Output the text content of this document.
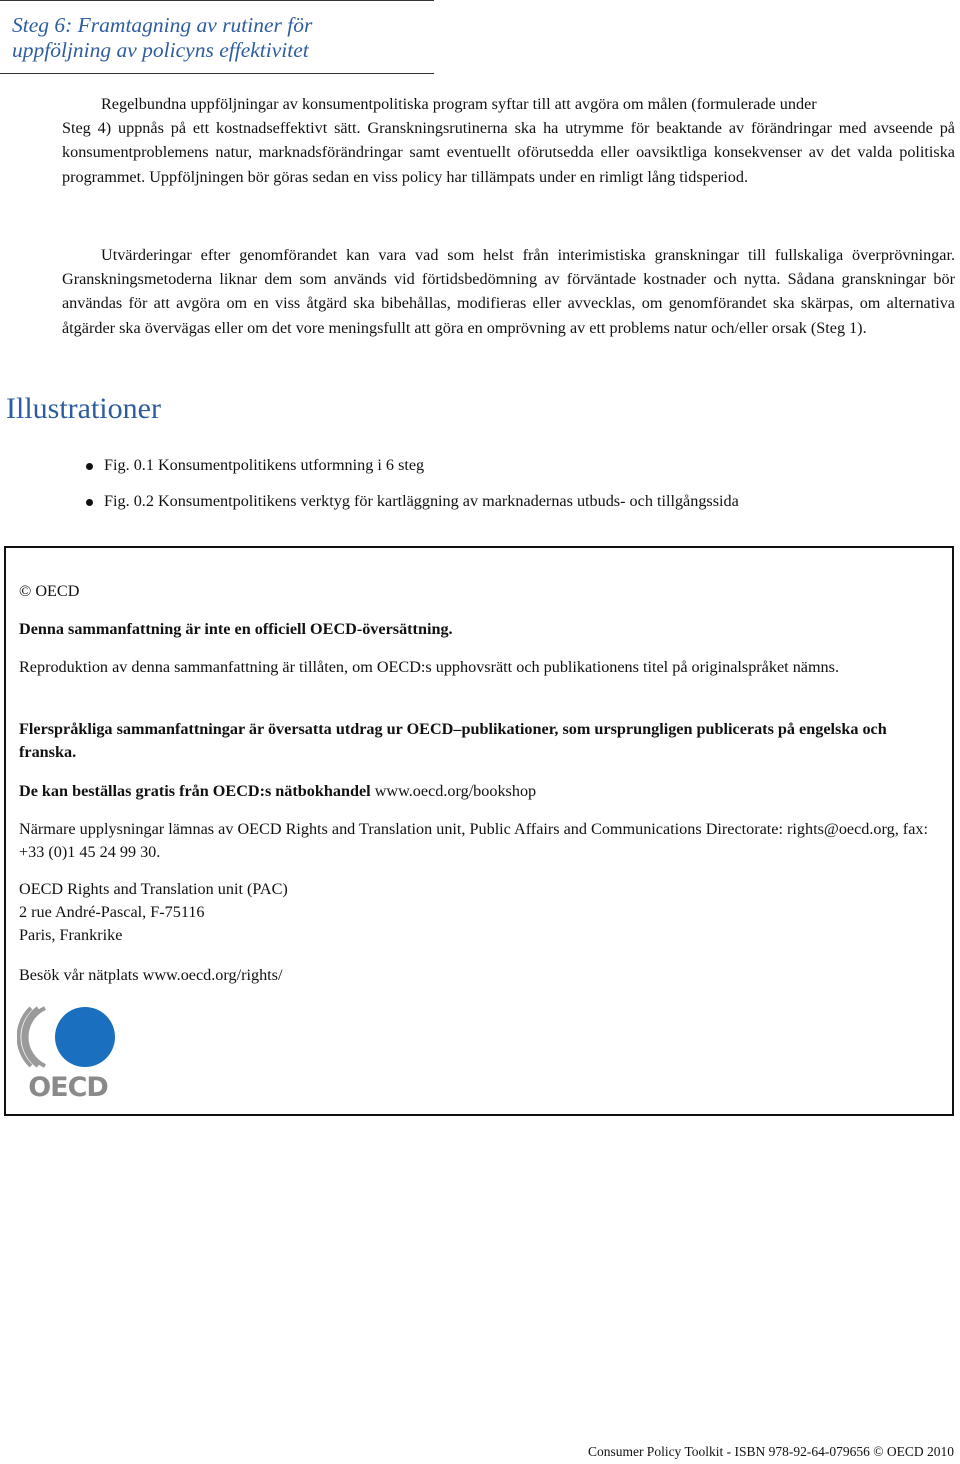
Steg 6: Framtagning av rutiner för
uppföljning av policyns effektivitet
Regelbundna uppföljningar av konsumentpolitiska program syftar till att avgöra om målen (formulerade under
Steg 4) uppnås på ett kostnadseffektivt sätt. Granskningsrutinerna ska ha utrymme för beaktande av förändringar med avseende på konsumentproblemens natur, marknadsförändringar samt eventuellt oförutsedda eller oavsiktliga konsekvenser av det valda politiska programmet. Uppföljningen bör göras sedan en viss policy har tillämpats under en rimligt lång tidsperiod.

Utvärderingar efter genomförandet kan vara vad som helst från interimistiska granskningar till fullskaliga överprövningar. Granskningsmetoderna liknar dem som används vid förtidsbedömning av förväntade kostnader och nytta. Sådana granskningar bör användas för att avgöra om en viss åtgärd ska bibehållas, modifieras eller avvecklas, om genomförandet ska skärpas, om alternativa åtgärder ska övervägas eller om det vore meningsfullt att göra en omprövning av ett problems natur och/eller orsak (Steg 1).

Illustrationer
Fig. 0.1 Konsumentpolitikens utformning i 6 steg
Fig. 0.2 Konsumentpolitikens verktyg för kartläggning av marknadernas utbuds- och tillgångssida

© OECD

Denna sammanfattning är inte en officiell OECD-översättning.

Reproduktion av denna sammanfattning är tillåten, om OECD:s upphovsrätt och publikationens titel på originalspråket nämns.

Flerspråkliga sammanfattningar är översatta utdrag ur OECD–publikationer, som ursprungligen publicerats på engelska och franska.

De kan beställas gratis från OECD:s nätbokhandel www.oecd.org/bookshop

Närmare upplysningar lämnas av OECD Rights and Translation unit, Public Affairs and Communications Directorate: rights@oecd.org, fax: +33 (0)1 45 24 99 30.

OECD Rights and Translation unit (PAC)
2 rue André-Pascal, F-75116
Paris, Frankrike

Besök vår nätplats www.oecd.org/rights/

OECD
Consumer Policy Toolkit - ISBN 978-92-64-079656 © OECD 2010
